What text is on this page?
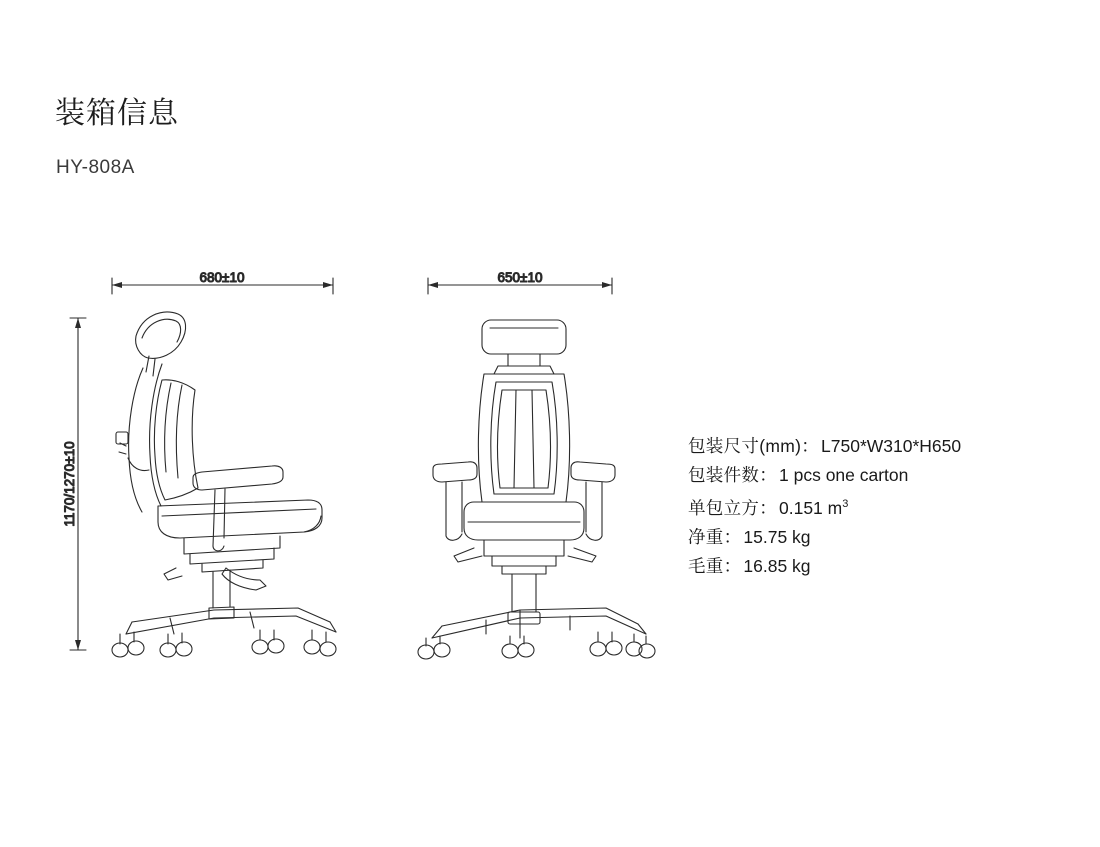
装箱信息
HY-808A
680±10
1170/1270±10
650±10
包装尺寸(mm)： L750*W310*H650
包装件数： 1 pcs one carton
单包立方： 0.151 $m^3$
净重： 15.75 kg
毛重： 16.85 kg
